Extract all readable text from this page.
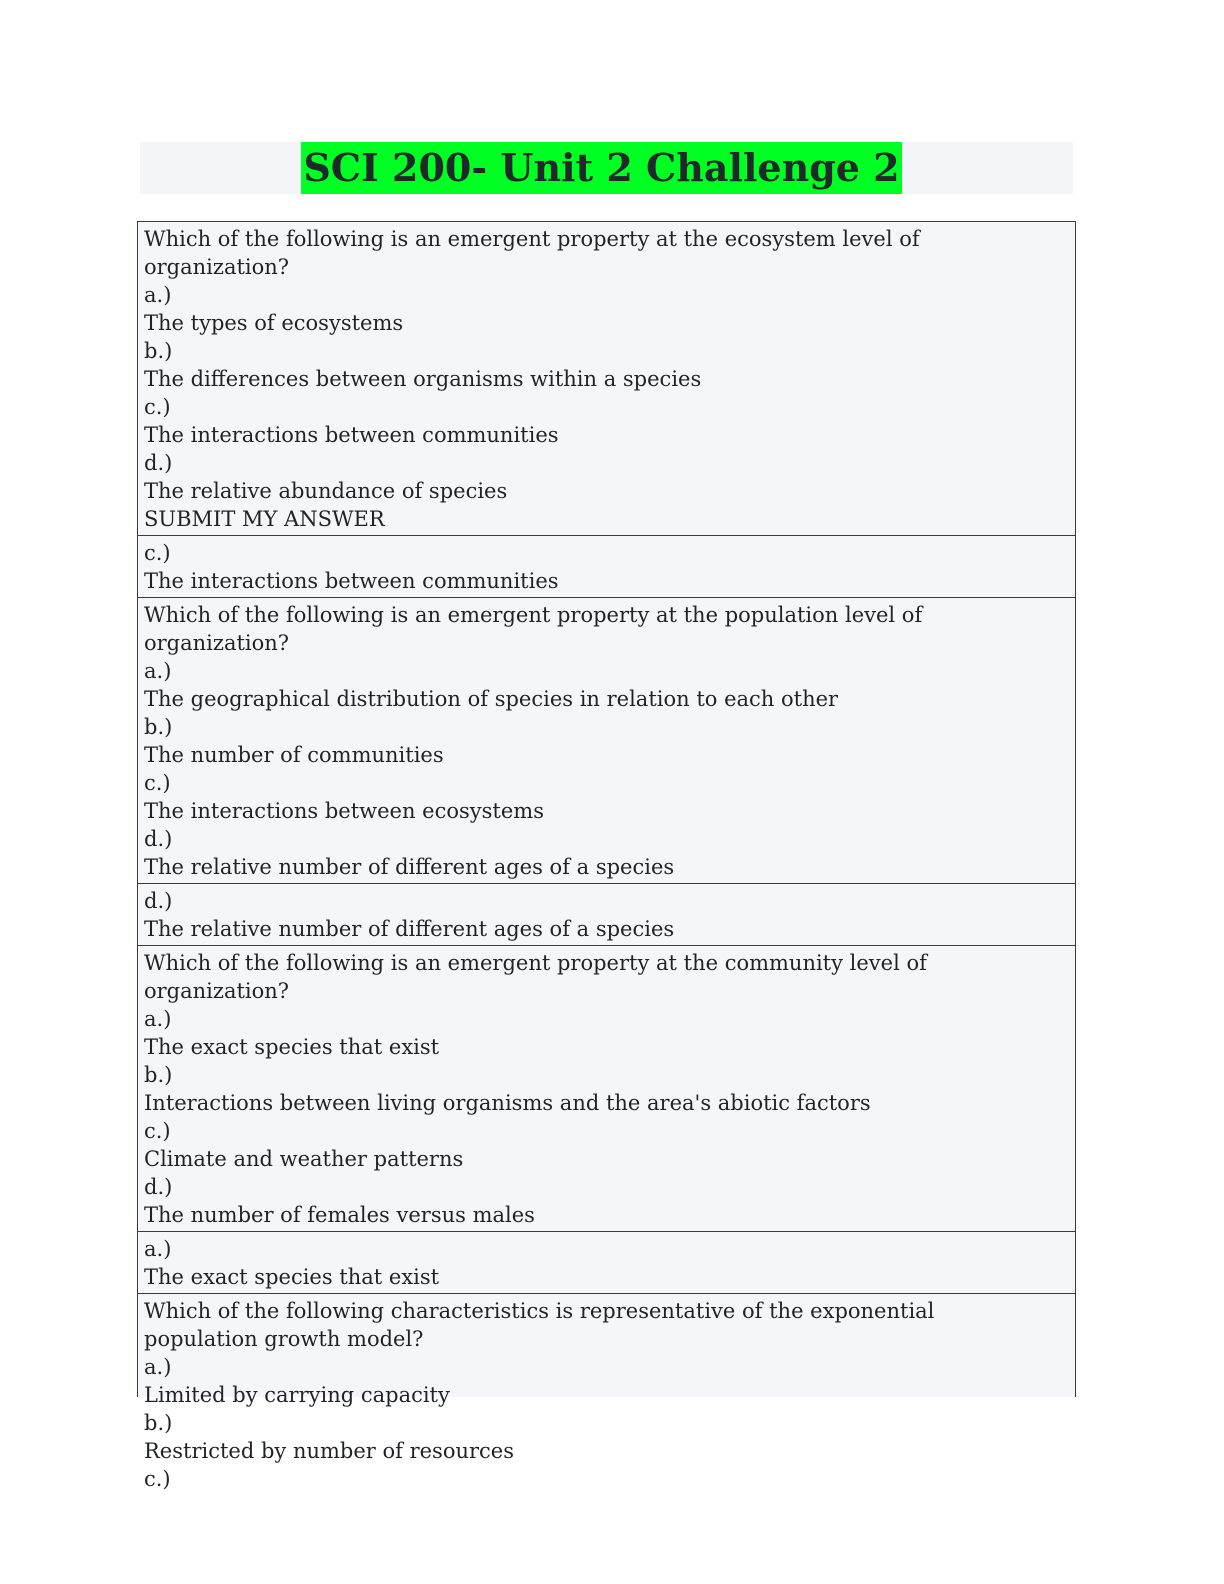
SCI 200- Unit 2 Challenge 2
Which of the following is an emergent property at the ecosystem level of organization?
a.)
The types of ecosystems
b.)
The differences between organisms within a species
c.)
The interactions between communities
d.)
The relative abundance of species
SUBMIT MY ANSWER
c.)
The interactions between communities
Which of the following is an emergent property at the population level of organization?
a.)
The geographical distribution of species in relation to each other
b.)
The number of communities
c.)
The interactions between ecosystems
d.)
The relative number of different ages of a species
d.)
The relative number of different ages of a species
Which of the following is an emergent property at the community level of organization?
a.)
The exact species that exist
b.)
Interactions between living organisms and the area's abiotic factors
c.)
Climate and weather patterns
d.)
The number of females versus males
a.)
The exact species that exist
Which of the following characteristics is representative of the exponential population growth model?
a.)
Limited by carrying capacity
b.)
Restricted by number of resources
c.)
